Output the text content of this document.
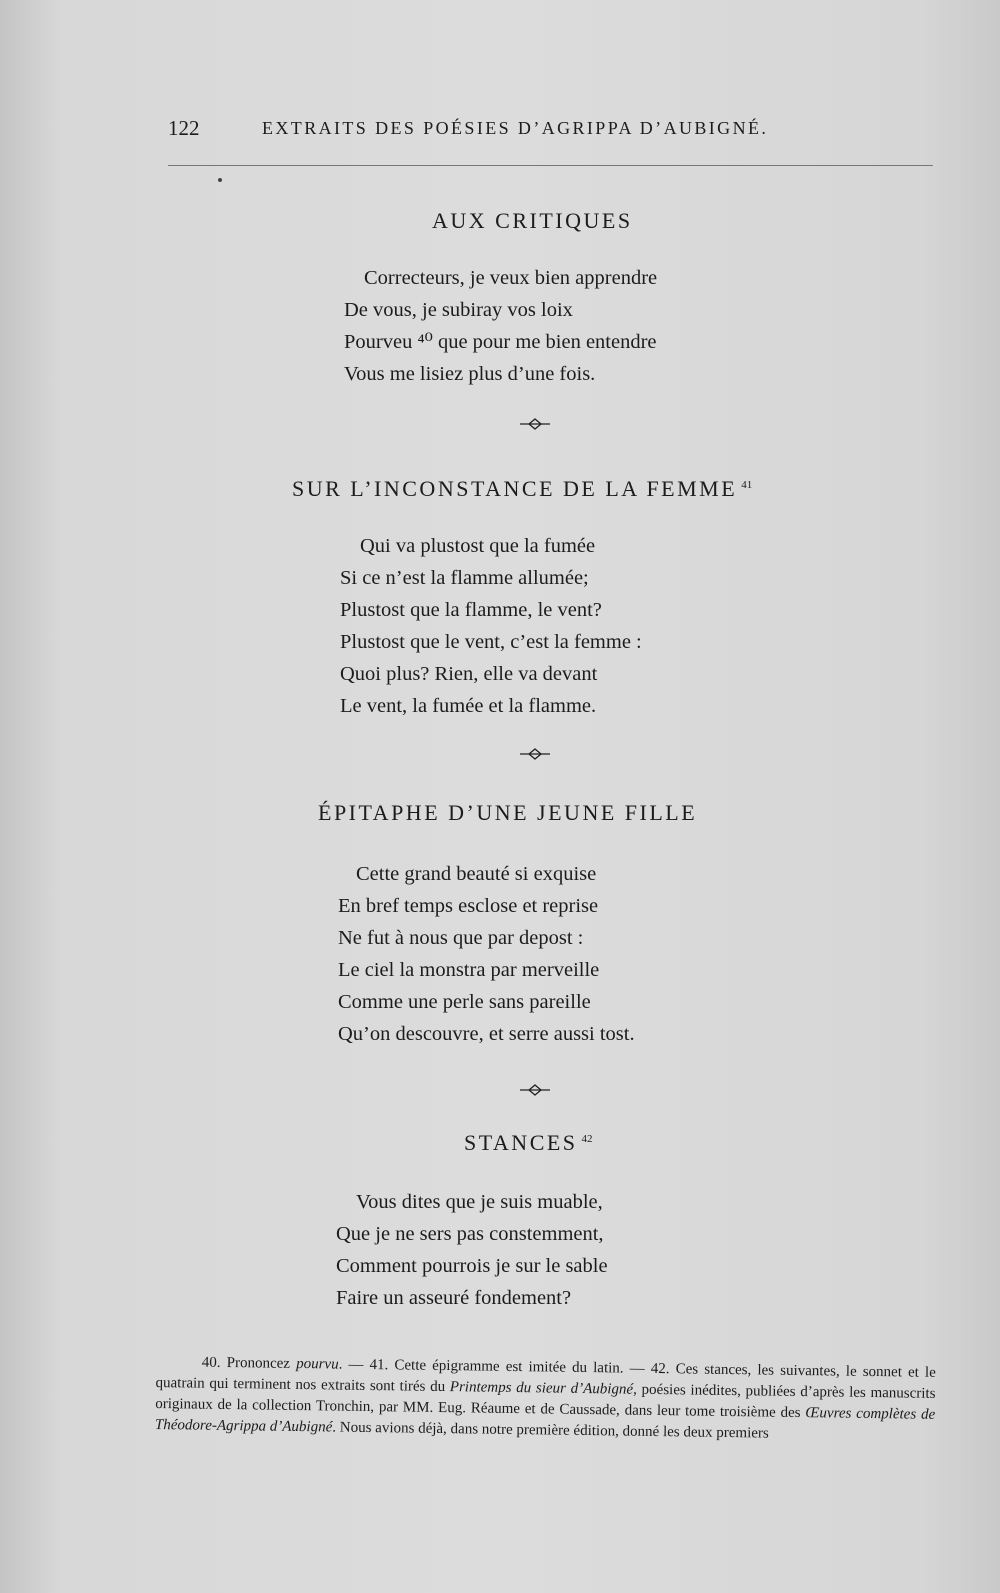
122	EXTRAITS DES POÉSIES D’AGRIPPA D’AUBIGNÉ.
AUX CRITIQUES
Correcteurs, je veux bien apprendre
De vous, je subiray vos loix
Pourveu ⁴⁰ que pour me bien entendre
Vous me lisiez plus d’une fois.
SUR L’INCONSTANCE DE LA FEMME $^{41}$
Qui va plustost que la fumée
Si ce n’est la flamme allumée;
Plustost que la flamme, le vent?
Plustost que le vent, c’est la femme :
Quoi plus? Rien, elle va devant
Le vent, la fumée et la flamme.
ÉPITAPHE D’UNE JEUNE FILLE
Cette grand beauté si exquise
En bref temps esclose et reprise
Ne fut à nous que par depost :
Le ciel la monstra par merveille
Comme une perle sans pareille
Qu’on descouvre, et serre aussi tost.
STANCES $^{42}$
Vous dites que je suis muable,
Que je ne sers pas constemment,
Comment pourrois je sur le sable
Faire un asseuré fondement?

40. Prononcez pourvu. — 41. Cette épigramme est imitée du latin. — 42. Ces stances, les suivantes, le sonnet et le quatrain qui terminent nos extraits sont tirés du Printemps du sieur d’Aubigné, poésies inédites, publiées d’après les manuscrits originaux de la collection Tronchin, par MM. Eug. Réaume et de Caussade, dans leur tome troisième des Œuvres complètes de Théodore-Agrippa d’Aubigné. Nous avions déjà, dans notre première édition, donné les deux premiers
